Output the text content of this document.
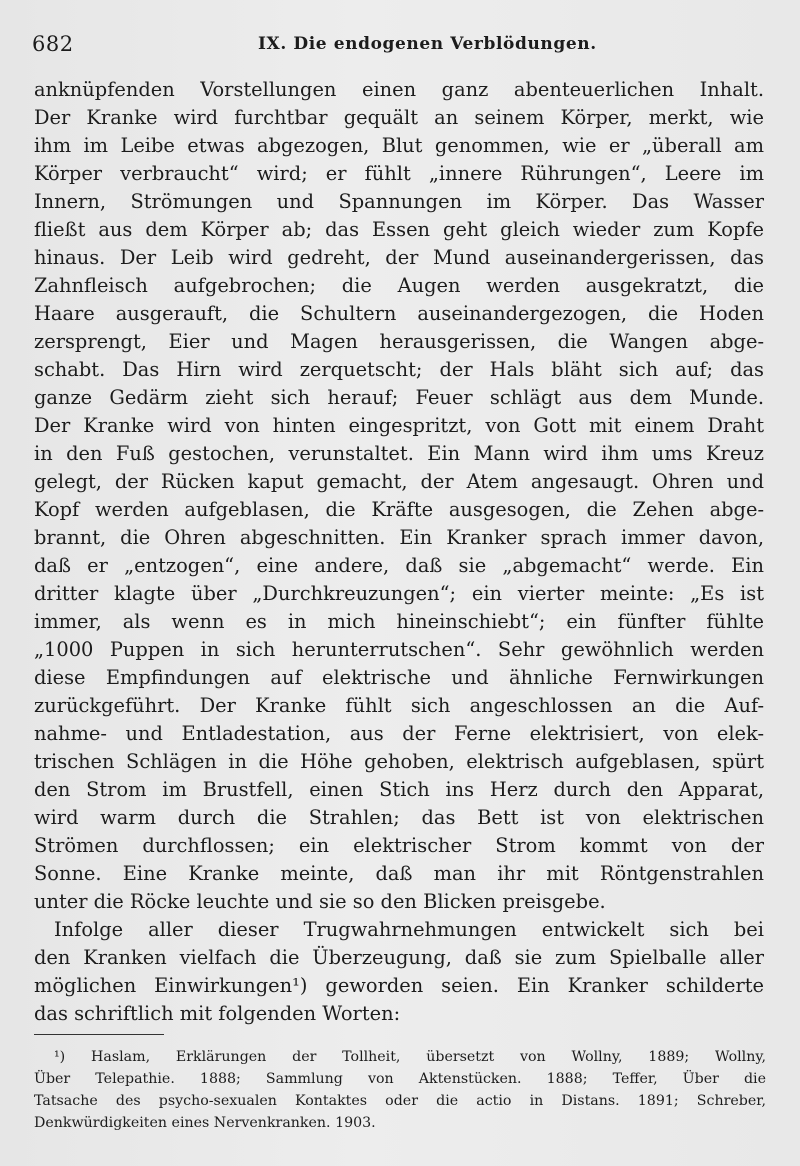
682	IX. Die endogenen Verblödungen.
anknüpfenden Vorstellungen einen ganz abenteuerlichen Inhalt.
Der Kranke wird furchtbar gequält an seinem Körper, merkt, wie
ihm im Leibe etwas abgezogen, Blut genommen, wie er „überall am
Körper verbraucht“ wird; er fühlt „innere Rührungen“, Leere im
Innern, Strömungen und Spannungen im Körper. Das Wasser
fließt aus dem Körper ab; das Essen geht gleich wieder zum Kopfe
hinaus. Der Leib wird gedreht, der Mund auseinandergerissen, das
Zahnfleisch aufgebrochen; die Augen werden ausgekratzt, die
Haare ausgerauft, die Schultern auseinandergezogen, die Hoden
zersprengt, Eier und Magen herausgerissen, die Wangen abge-
schabt. Das Hirn wird zerquetscht; der Hals bläht sich auf; das
ganze Gedärm zieht sich herauf; Feuer schlägt aus dem Munde.
Der Kranke wird von hinten eingespritzt, von Gott mit einem Draht
in den Fuß gestochen, verunstaltet. Ein Mann wird ihm ums Kreuz
gelegt, der Rücken kaput gemacht, der Atem angesaugt. Ohren und
Kopf werden aufgeblasen, die Kräfte ausgesogen, die Zehen abge-
brannt, die Ohren abgeschnitten. Ein Kranker sprach immer davon,
daß er „entzogen“, eine andere, daß sie „abgemacht“ werde. Ein
dritter klagte über „Durchkreuzungen“; ein vierter meinte: „Es ist
immer, als wenn es in mich hineinschiebt“; ein fünfter fühlte
„1000 Puppen in sich herunterrutschen“. Sehr gewöhnlich werden
diese Empfindungen auf elektrische und ähnliche Fernwirkungen
zurückgeführt. Der Kranke fühlt sich angeschlossen an die Auf-
nahme- und Entladestation, aus der Ferne elektrisiert, von elek-
trischen Schlägen in die Höhe gehoben, elektrisch aufgeblasen, spürt
den Strom im Brustfell, einen Stich ins Herz durch den Apparat,
wird warm durch die Strahlen; das Bett ist von elektrischen
Strömen durchflossen; ein elektrischer Strom kommt von der
Sonne. Eine Kranke meinte, daß man ihr mit Röntgenstrahlen
unter die Röcke leuchte und sie so den Blicken preisgebe.
Infolge aller dieser Trugwahrnehmungen entwickelt sich bei
den Kranken vielfach die Überzeugung, daß sie zum Spielballe aller
möglichen Einwirkungen¹) geworden seien. Ein Kranker schilderte
das schriftlich mit folgenden Worten:
¹) Haslam, Erklärungen der Tollheit, übersetzt von Wollny, 1889; Wollny,
Über Telepathie. 1888; Sammlung von Aktenstücken. 1888; Teffer, Über die
Tatsache des psycho-sexualen Kontaktes oder die actio in Distans. 1891; Schreber,
Denkwürdigkeiten eines Nervenkranken. 1903.
